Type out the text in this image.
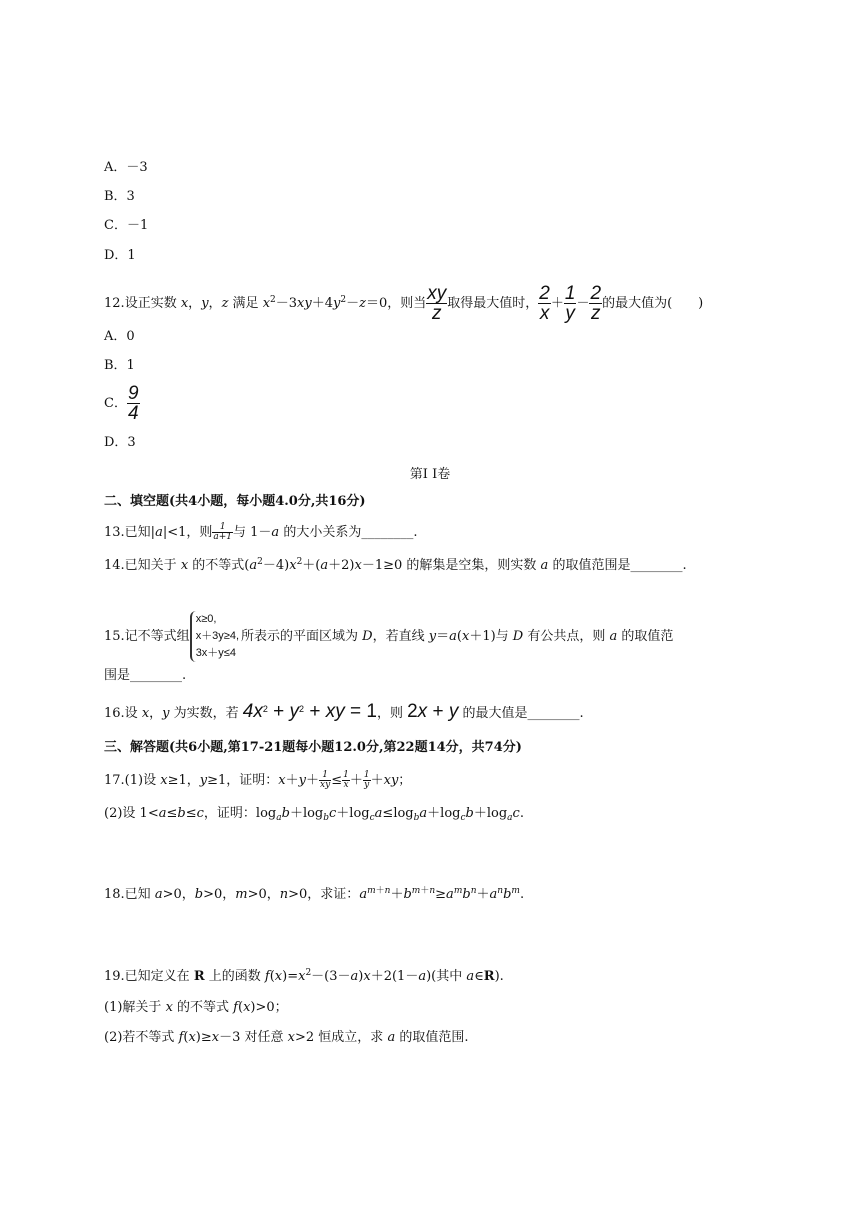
A．－3
B．3
C．－1
D．1
12.设正实数 x，y，z 满足 $x^2-3xy+4y^2-z=0$，则当 $\frac{xy}{z}$ 取得最大值时， $\frac{2}{x} + \frac{1}{y} - \frac{2}{z}$ 的最大值为(　　)
A．0
B．1
C． $\frac{9}{4}$
D．3
第Ⅰ Ⅰ卷
二、填空题(共4小题，每小题4.0分,共16分)
13.已知|a|<1，则 $\frac{1}{a+1}$ 与 1－a 的大小关系为________.
14.已知关于 x 的不等式$(a^2-4)x^2+(a+2)x-1\ge 0$ 的解集是空集，则实数 a 的取值范围是________.
15.记不等式组
x≥0,
x＋3y≥4,
3x＋y≤4
所表示的平面区域为 D，若直线 y＝a(x＋1)与 D 有公共点，则 a 的取值范
围是________.
16.设 x，y 为实数，若 $4x^2 + y^2$ + xy = 1，则 2x + y 的最大值是________.
三、解答题(共6小题,第17-21题每小题12.0分,第22题14分，共74分)
17.(1)设 x≥1，y≥1，证明：$x+y+ \frac{1}{xy} \le \frac{1}{x} + \frac{1}{y} +xy$；
(2)设 1<a≤b≤c，证明：$\log_ab+\log_bc+\log_ca\le\log_ba+\log_cb+\log_ac$.
18.已知 a>0，b>0，m>0，n>0，求证：$a^{m+n}+b^{m+n}\ge a^mb^n+a^nb^m$.
19.已知定义在 R 上的函数 $f(x)=x^2-(3-a)x+2(1-a)$(其中 a∈R).
(1)解关于 x 的不等式 f(x)>0；
(2)若不等式 f(x)≥x－3 对任意 x>2 恒成立，求 a 的取值范围.
